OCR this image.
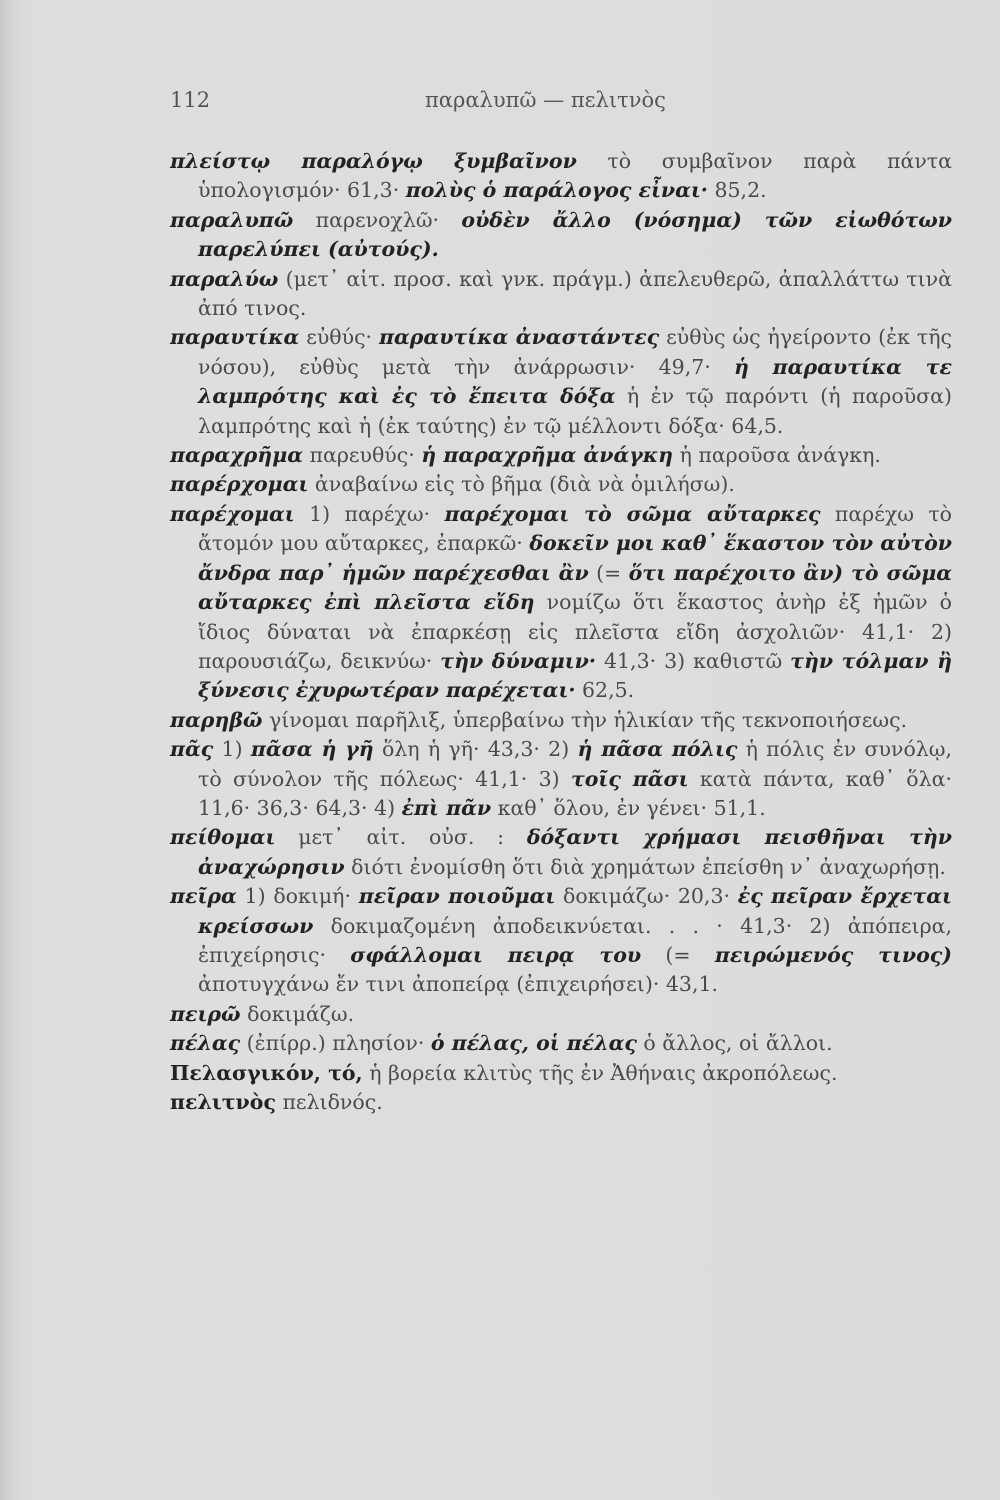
112	παραλυπῶ — πελιτνὸς

πλείστῳ παραλόγῳ ξυμβαῖνον τὸ συμβαῖνον παρὰ πάντα ὑπολογισμόν· 61,3· πολὺς ὁ παράλογος εἶναι· 85,2.

παραλυπῶ παρενοχλῶ· οὐδὲν ἄλλο (νόσημα) τῶν εἰωθότων παρελύπει (αὐτούς).

παραλύω (μετ᾽ αἰτ. προσ. καὶ γνκ. πράγμ.) ἀπελευθερῶ, ἀπαλλάττω τινὰ ἀπό τινος.

παραυτίκα εὐθύς· παραυτίκα ἀναστάντες εὐθὺς ὡς ἠγείροντο (ἐκ τῆς νόσου), εὐθὺς μετὰ τὴν ἀνάρρωσιν· 49,7· ἡ παραυτίκα τε λαμπρότης καὶ ἐς τὸ ἔπειτα δόξα ἡ ἐν τῷ παρόντι (ἡ παροῦσα) λαμπρότης καὶ ἡ (ἐκ ταύτης) ἐν τῷ μέλλοντι δόξα· 64,5.

παραχρῆμα παρευθύς· ἡ παραχρῆμα ἀνάγκη ἡ παροῦσα ἀνάγκη.

παρέρχομαι ἀναβαίνω εἰς τὸ βῆμα (διὰ νὰ ὁμιλήσω).

παρέχομαι 1) παρέχω· παρέχομαι τὸ σῶμα αὔταρκες παρέχω τὸ ἄτομόν μου αὔταρκες, ἐπαρκῶ· δοκεῖν μοι καθ᾽ ἕκαστον τὸν αὐτὸν ἄνδρα παρ᾽ ἡμῶν παρέχεσθαι ἂν (= ὅτι παρέχοιτο ἂν) τὸ σῶμα αὔταρκες ἐπὶ πλεῖστα εἴδη νομίζω ὅτι ἕκαστος ἀνὴρ ἐξ ἡμῶν ὁ ἴδιος δύναται νὰ ἐπαρκέσῃ εἰς πλεῖστα εἴδη ἀσχολιῶν· 41,1· 2) παρουσιάζω, δεικνύω· τὴν δύναμιν· 41,3· 3) καθιστῶ τὴν τόλμαν ἢ ξύνεσις ἐχυρωτέραν παρέχεται· 62,5.

παρηβῶ γίνομαι παρῆλιξ, ὑπερβαίνω τὴν ἡλικίαν τῆς τεκνοποιήσεως.

πᾶς 1) πᾶσα ἡ γῆ ὅλη ἡ γῆ· 43,3· 2) ἡ πᾶσα πόλις ἡ πόλις ἐν συνόλῳ, τὸ σύνολον τῆς πόλεως· 41,1· 3) τοῖς πᾶσι κατὰ πάντα, καθ᾽ ὅλα· 11,6· 36,3· 64,3· 4) ἐπὶ πᾶν καθ᾽ ὅλου, ἐν γένει· 51,1.

πείθομαι μετ᾽ αἰτ. οὐσ. : δόξαντι χρήμασι πεισθῆναι τὴν ἀναχώρησιν διότι ἐνομίσθη ὅτι διὰ χρημάτων ἐπείσθη ν᾽ ἀναχωρήσῃ.

πεῖρα 1) δοκιμή· πεῖραν ποιοῦμαι δοκιμάζω· 20,3· ἐς πεῖραν ἔρχεται κρείσσων δοκιμαζομένη ἀποδεικνύεται. . . · 41,3· 2) ἀπόπειρα, ἐπιχείρησις· σφάλλομαι πειρᾳ του (= πειρώμενός τινος) ἀποτυγχάνω ἔν τινι ἀποπείρᾳ (ἐπιχειρήσει)· 43,1.

πειρῶ δοκιμάζω.

πέλας (ἐπίρρ.) πλησίον· ὁ πέλας, οἱ πέλας ὁ ἄλλος, οἱ ἄλλοι.

Πελασγικόν, τό, ἡ βορεία κλιτὺς τῆς ἐν Ἀθήναις ἀκροπόλεως.

πελιτνὸς πελιδνός.
